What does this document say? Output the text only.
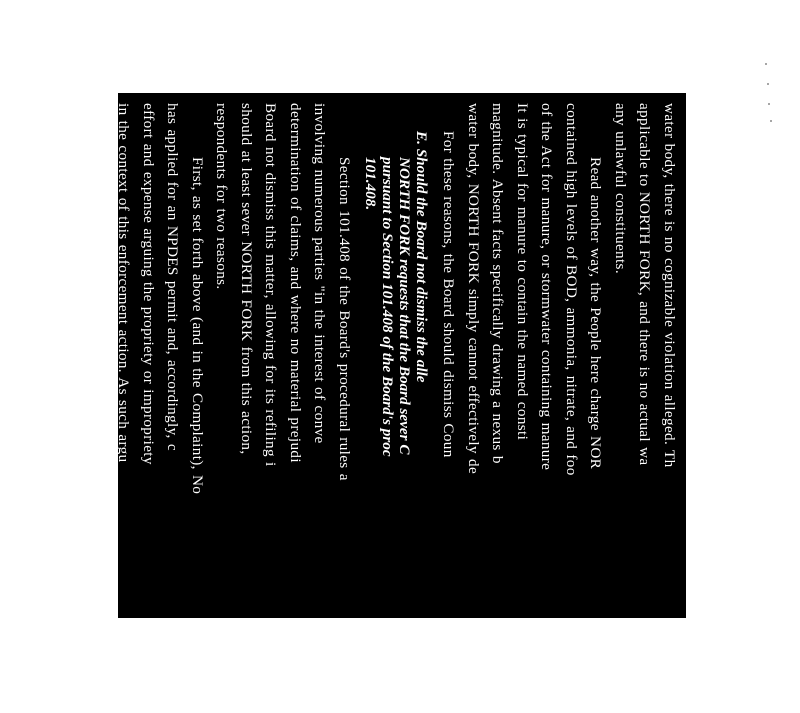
water body, there is no cognizable violation alleged. Th
applicable to NORTH FORK, and there is no actual wa
any unlawful constituents.
Read another way, the People here charge NOR
contained high levels of BOD, ammonia, nitrate, and foo
of the Act for manure, or stormwater containing manure
It is typical for manure to contain the named consti
magnitude. Absent facts specifically drawing a nexus b
water body, NORTH FORK simply cannot effectively de
For these reasons, the Board should dismiss Coun
E. Should the Board not dismiss the alle
NORTH FORK requests that the Board sever C
pursuant to Section 101.408 of the Board's proc
101.408.
Section 101.408 of the Board's procedural rules a
involving numerous parties "in the interest of conve
determination of claims, and where no material prejudi
Board not dismiss this matter, allowing for its refiling i
should at least sever NORTH FORK from this action,
respondents for two reasons.
First, as set forth above (and in the Complaint), No
has applied for an NPDES permit and, accordingly, c
effort and expense arguing the propriety or impropriety
in the context of this enforcement action. As such argu
PSM's filings, it would serve the interests of justice to se
